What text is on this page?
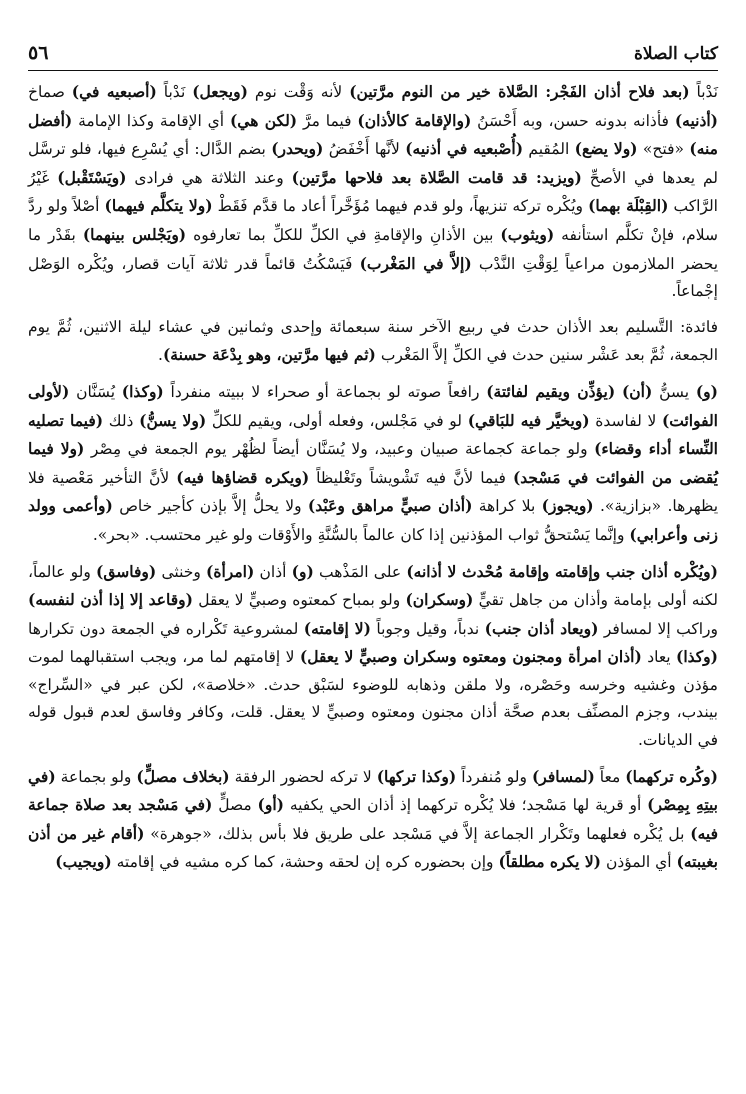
٥٦	كتاب الصلاة

نَدْباً (بعد فلاح أذان الفَجْر: الصَّلاة خير من النوم مرَّتين) لأنه وَقْت نوم (ويجعل) نَدْباً (أصبعيه في) صماخ (أذنيه) فأذانه بدونه حسن، وبه أَحْسَنُ (والإقامة كالأذان) فيما مرَّ (لكن هي) أي الإقامة وكذا الإمامة (أفضل منه) «فتح» (ولا يضع) المُقيم (أُصْبعيه في أذنيه) لأنَّها أَخْفَضُ (ويحدر) بضم الدَّال: أي يُسْرِع فيها، فلو ترسَّل لم يعدها في الأصحِّ (ويزيد: قد قامت الصَّلاة بعد فلاحها مرَّتين) وعند الثلاثة هي فرادى (ويَسْتَقْبل) غَيْرُ الرَّاكب (القِبْلَة بهما) ويُكْره تركه تنزيهاً، ولو قدم فيهما مُؤَخَّراً أعاد ما قدَّم فَقَطْ (ولا يتكلَّم فيهما) أصْلاً ولو ردَّ سلام، فإنْ تكلَّم استأنفه (ويثوب) بين الأذانِ والإقامةِ في الكلِّ للكلِّ بما تعارفوه (ويَجْلس بينهما) بقَدْر ما يحضر الملازمون مراعياً لِوَقْتِ النَّدْب (إلاَّ في المَغْرب) فَيَسْكُتُ قائماً قدر ثلاثة آيات قصار، ويُكْره الوَصْل إجْماعاً.

فائدة: التَّسليم بعد الأذان حدث في ربيع الآخر سنة سبعمائة وإحدى وثمانين في عشاء ليلة الاثنين، ثُمَّ يوم الجمعة، ثُمَّ بعد عَشْر سنين حدث في الكلِّ إلاَّ المَغْرب (ثم فيها مرَّتين، وهو بِدْعَة حسنة).

(و) يسنُّ (أن) (يؤذِّن ويقيم لفائتة) رافعاً صوته لو بجماعة أو صحراء لا ببيته منفرداً (وكذا) يُسَنَّان (لأولى الفوائت) لا لفاسدة (ويخيَّر فيه للبَاقي) لو في مَجْلس، وفعله أولى، ويقيم للكلِّ (ولا يسنُّ) ذلك (فيما تصليه النِّساء أداء وقضاء) ولو جماعة كجماعة صبيان وعبيد، ولا يُسَنَّان أيضاً لظُهْر يوم الجمعة في مِصْر (ولا فيما يُقضى من الفوائت في مَسْجد) فيما لأنَّ فيه تَشْويشاً وتَغْليظاً (ويكره قضاؤها فيه) لأنَّ التأخير مَعْصية فلا يظهرها. «بزازية». (ويجوز) بلا كراهة (أذان صبيٍّ مراهق وعَبْد) ولا يحلُّ إلاَّ بإذن كأجير خاص (وأعمى وولد زنى وأعرابي) وإنَّما يَسْتحقُّ ثواب المؤذنين إذا كان عالماً بالسُّنَّةِ والأَوْقات ولو غير محتسب. «بحر».

(ويُكْره أذان جنب وإقامته وإقامة مُحْدث لا أذانه) على المَذْهب (و) أذان (امرأة) وخنثى (وفاسق) ولو عالماً، لكنه أولى بإمامة وأذان من جاهل تقيٍّ (وسكران) ولو بمباح كمعتوه وصبيٍّ لا يعقل (وقاعد إلا إذا أذن لنفسه) وراكب إلا لمسافر (ويعاد أذان جنب) ندباً، وقيل وجوباً (لا إقامته) لمشروعية تَكْراره في الجمعة دون تكرارها (وكذا) يعاد (أذان امرأة ومجنون ومعتوه وسكران وصبيٍّ لا يعقل) لا إقامتهم لما مر، ويجب استقبالهما لموت مؤذن وغشيه وخرسه وحَصْره، ولا ملقن وذهابه للوضوء لسَبْق حدث. «خلاصة»، لكن عبر في «السِّراج» بيندب، وجزم المصنِّف بعدم صحَّة أذان مجنون ومعتوه وصبيٍّ لا يعقل. قلت، وكافر وفاسق لعدم قبول قوله في الديانات.

(وكُره تركهما) معاً (لمسافر) ولو مُنفرداً (وكذا تركها) لا تركه لحضور الرفقة (بخلاف مصلٍّ) ولو بجماعة (في بيتِهِ بِمِصْر) أو قرية لها مَسْجد؛ فلا يُكْره تركهما إذ أذان الحي يكفيه (أو) مصلٍّ (في مَسْجد بعد صلاة جماعة فيه) بل يُكْره فعلهما وتَكْرار الجماعة إلاَّ في مَسْجد على طريق فلا بأس بذلك، «جوهرة» (أقام غير من أذن بغيبته) أي المؤذن (لا يكره مطلقاً) وإن بحضوره كره إن لحقه وحشة، كما كره مشيه في إقامته (ويجيب)
